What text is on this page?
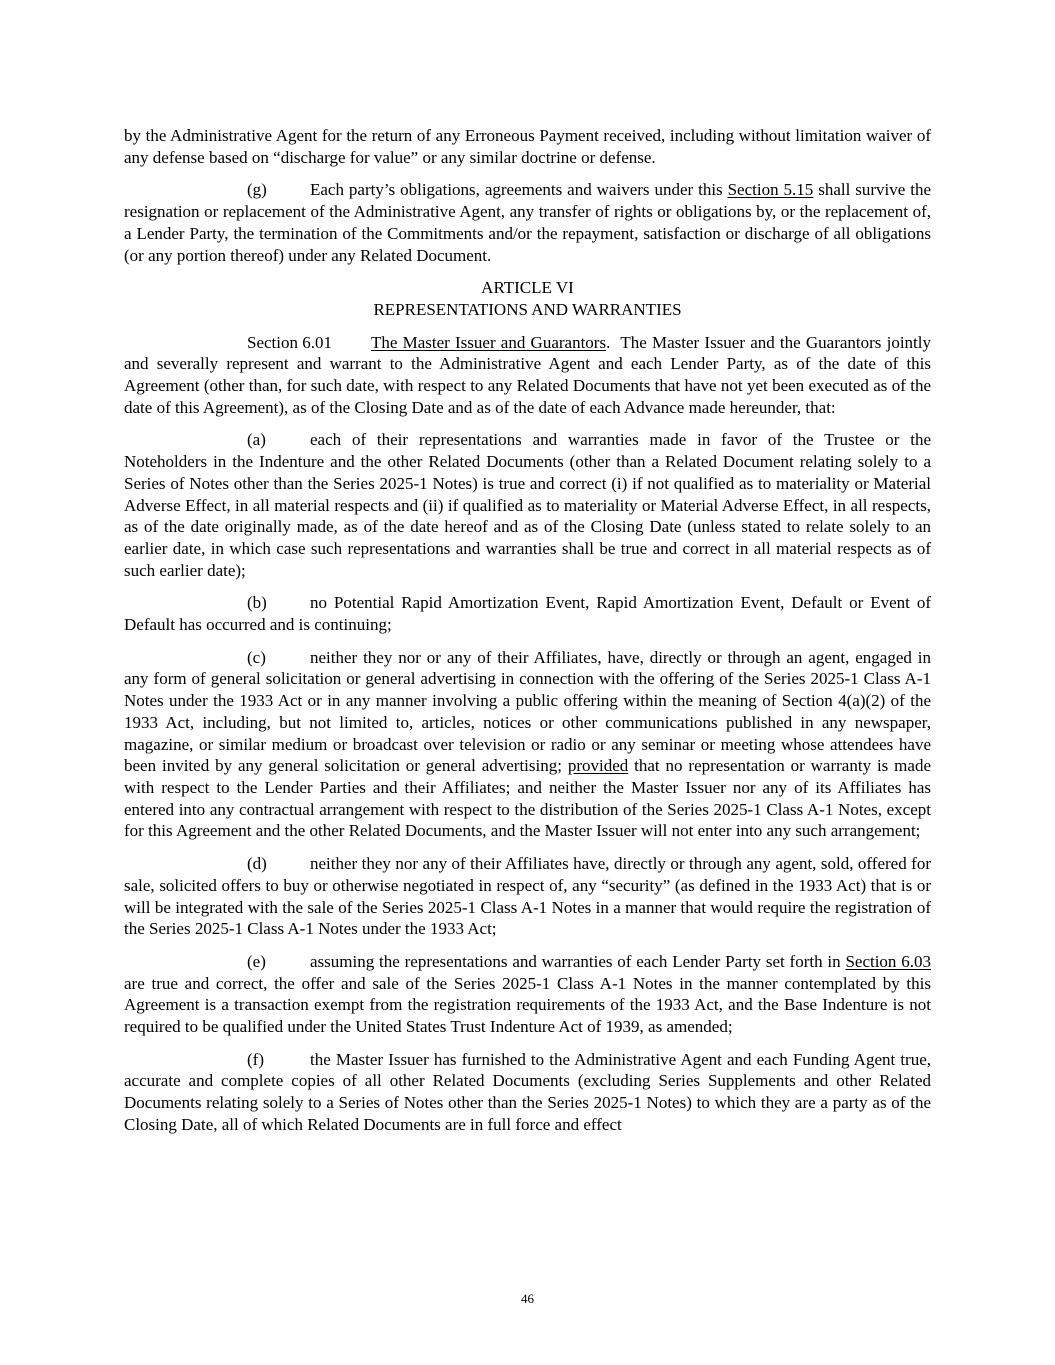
by the Administrative Agent for the return of any Erroneous Payment received, including without limitation waiver of any defense based on “discharge for value” or any similar doctrine or defense.

(g)	Each party’s obligations, agreements and waivers under this Section 5.15 shall survive the resignation or replacement of the Administrative Agent, any transfer of rights or obligations by, or the replacement of, a Lender Party, the termination of the Commitments and/or the repayment, satisfaction or discharge of all obligations (or any portion thereof) under any Related Document.

ARTICLE VI
REPRESENTATIONS AND WARRANTIES

Section 6.01 The Master Issuer and Guarantors.  The Master Issuer and the Guarantors jointly and severally represent and warrant to the Administrative Agent and each Lender Party, as of the date of this Agreement (other than, for such date, with respect to any Related Documents that have not yet been executed as of the date of this Agreement), as of the Closing Date and as of the date of each Advance made hereunder, that:

(a)	each of their representations and warranties made in favor of the Trustee or the Noteholders in the Indenture and the other Related Documents (other than a Related Document relating solely to a Series of Notes other than the Series 2025-1 Notes) is true and correct (i) if not qualified as to materiality or Material Adverse Effect, in all material respects and (ii) if qualified as to materiality or Material Adverse Effect, in all respects, as of the date originally made, as of the date hereof and as of the Closing Date (unless stated to relate solely to an earlier date, in which case such representations and warranties shall be true and correct in all material respects as of such earlier date);

(b)	no Potential Rapid Amortization Event, Rapid Amortization Event, Default or Event of Default has occurred and is continuing;

(c)	neither they nor or any of their Affiliates, have, directly or through an agent, engaged in any form of general solicitation or general advertising in connection with the offering of the Series 2025-1 Class A-1 Notes under the 1933 Act or in any manner involving a public offering within the meaning of Section 4(a)(2) of the 1933 Act, including, but not limited to, articles, notices or other communications published in any newspaper, magazine, or similar medium or broadcast over television or radio or any seminar or meeting whose attendees have been invited by any general solicitation or general advertising; provided that no representation or warranty is made with respect to the Lender Parties and their Affiliates; and neither the Master Issuer nor any of its Affiliates has entered into any contractual arrangement with respect to the distribution of the Series 2025-1 Class A-1 Notes, except for this Agreement and the other Related Documents, and the Master Issuer will not enter into any such arrangement;

(d)	neither they nor any of their Affiliates have, directly or through any agent, sold, offered for sale, solicited offers to buy or otherwise negotiated in respect of, any “security” (as defined in the 1933 Act) that is or will be integrated with the sale of the Series 2025-1 Class A-1 Notes in a manner that would require the registration of the Series 2025-1 Class A-1 Notes under the 1933 Act;

(e)	assuming the representations and warranties of each Lender Party set forth in Section 6.03 are true and correct, the offer and sale of the Series 2025-1 Class A-1 Notes in the manner contemplated by this Agreement is a transaction exempt from the registration requirements of the 1933 Act, and the Base Indenture is not required to be qualified under the United States Trust Indenture Act of 1939, as amended;

(f)	the Master Issuer has furnished to the Administrative Agent and each Funding Agent true, accurate and complete copies of all other Related Documents (excluding Series Supplements and other Related Documents relating solely to a Series of Notes other than the Series 2025-1 Notes) to which they are a party as of the Closing Date, all of which Related Documents are in full force and effect

46
